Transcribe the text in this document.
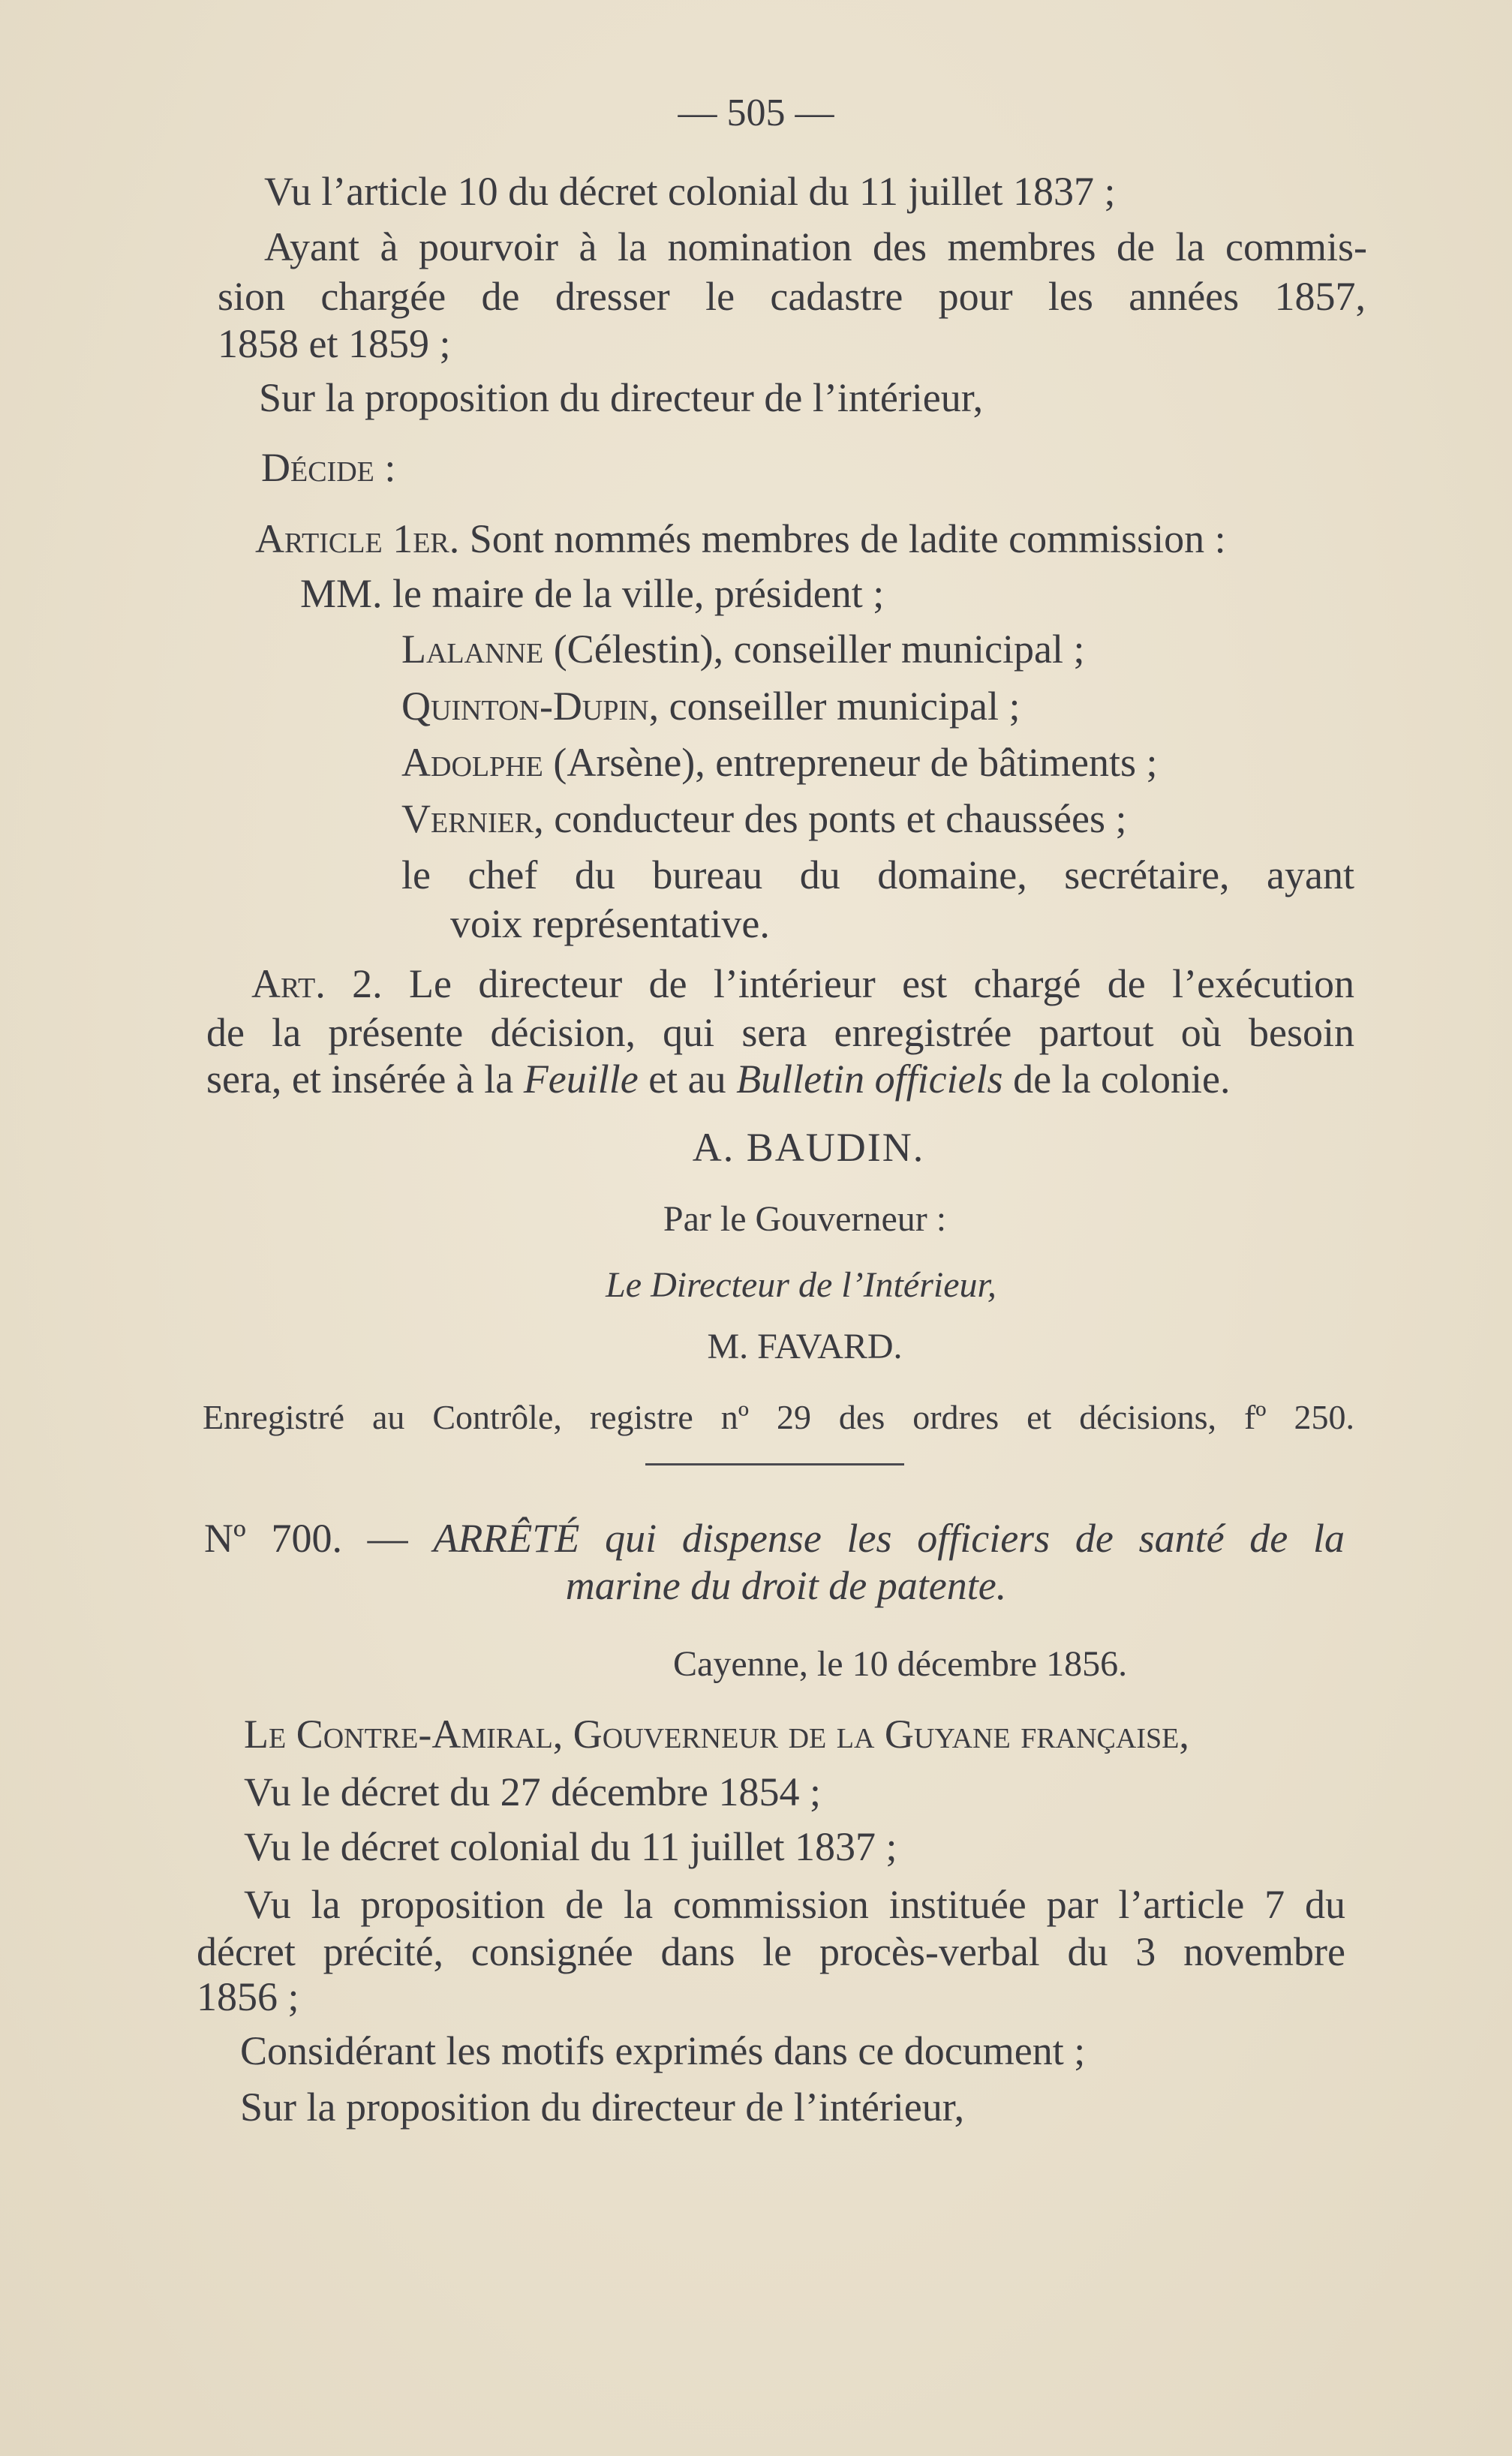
— 505 —
Vu l’article 10 du décret colonial du 11 juillet 1837 ;
Ayant à pourvoir à la nomination des membres de la commis-
sion chargée de dresser le cadastre pour les années 1857,
1858 et 1859 ;
Sur la proposition du directeur de l’intérieur,
Décide :
Article 1er. Sont nommés membres de ladite commission :
MM. le maire de la ville, président ;
Lalanne (Célestin), conseiller municipal ;
Quinton-Dupin, conseiller municipal ;
Adolphe (Arsène), entrepreneur de bâtiments ;
Vernier, conducteur des ponts et chaussées ;
le chef du bureau du domaine, secrétaire, ayant
voix représentative.
Art. 2. Le directeur de l’intérieur est chargé de l’exécution
de la présente décision, qui sera enregistrée partout où besoin
sera, et insérée à la Feuille et au Bulletin officiels de la colonie.
A. BAUDIN.
Par le Gouverneur :
Le Directeur de l’Intérieur,
M. FAVARD.
Enregistré au Contrôle, registre nº 29 des ordres et décisions, fº 250.
Nº 700. — ARRÊTÉ qui dispense les officiers de santé de la
marine du droit de patente.
Cayenne, le 10 décembre 1856.
Le Contre-Amiral, Gouverneur de la Guyane française,
Vu le décret du 27 décembre 1854 ;
Vu le décret colonial du 11 juillet 1837 ;
Vu la proposition de la commission instituée par l’article 7 du
décret précité, consignée dans le procès-verbal du 3 novembre
1856 ;
Considérant les motifs exprimés dans ce document ;
Sur la proposition du directeur de l’intérieur,
